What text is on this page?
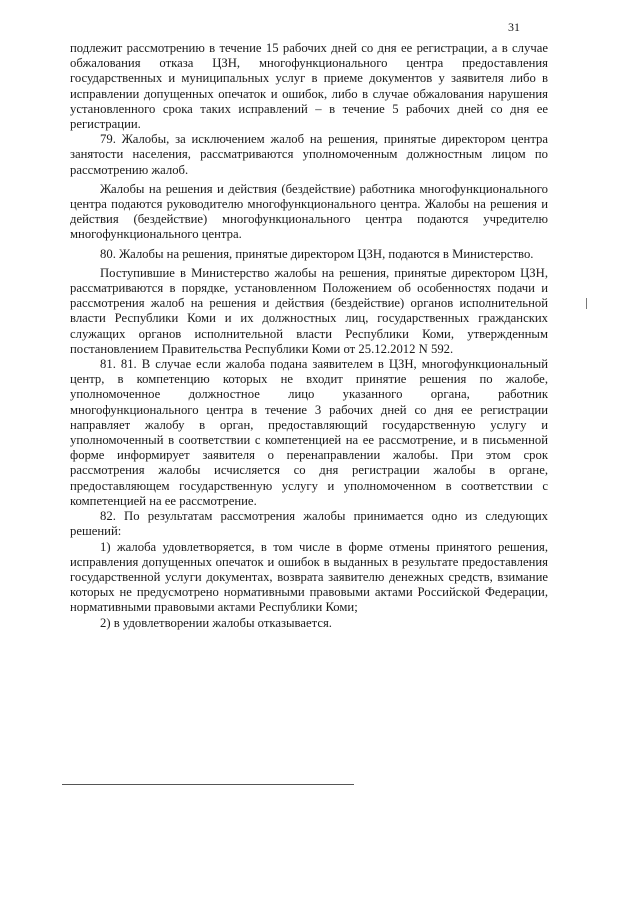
31

подлежит рассмотрению в течение 15 рабочих дней со дня ее регистрации, а в случае обжалования отказа ЦЗН, многофункционального центра предоставления государственных и муниципальных услуг в приеме документов у заявителя либо в исправлении допущенных опечаток и ошибок, либо в случае обжалования нарушения установленного срока таких исправлений – в течение 5 рабочих дней со дня ее регистрации.

79. Жалобы, за исключением жалоб на решения, принятые директором центра занятости населения, рассматриваются уполномоченным должностным лицом по рассмотрению жалоб.

Жалобы на решения и действия (бездействие) работника многофункционального центра подаются руководителю многофункционального центра. Жалобы на решения и действия (бездействие) многофункционального центра подаются учредителю многофункционального центра.

80. Жалобы на решения, принятые директором ЦЗН, подаются в Министерство.

Поступившие в Министерство жалобы на решения, принятые директором ЦЗН, рассматриваются в порядке, установленном Положением об особенностях подачи и рассмотрения жалоб на решения и действия (бездействие) органов исполнительной власти Республики Коми и их должностных лиц, государственных гражданских служащих органов исполнительной власти Республики Коми, утвержденным постановлением Правительства Республики Коми от 25.12.2012 N 592.

81. 81. В случае если жалоба подана заявителем в ЦЗН, многофункциональный центр, в компетенцию которых не входит принятие решения по жалобе, уполномоченное должностное лицо указанного органа, работник многофункционального центра в течение 3 рабочих дней со дня ее регистрации направляет жалобу в орган, предоставляющий государственную услугу и уполномоченный в соответствии с компетенцией на ее рассмотрение, и в письменной форме информирует заявителя о перенаправлении жалобы. При этом срок рассмотрения жалобы исчисляется со дня регистрации жалобы в органе, предоставляющем государственную услугу и уполномоченном в соответствии с компетенцией на ее рассмотрение.

82. По результатам рассмотрения жалобы принимается одно из следующих решений:

1) жалоба удовлетворяется, в том числе в форме отмены принятого решения, исправления допущенных опечаток и ошибок в выданных в результате предоставления государственной услуги документах, возврата заявителю денежных средств, взимание которых не предусмотрено нормативными правовыми актами Российской Федерации, нормативными правовыми актами Республики Коми;

2) в удовлетворении жалобы отказывается.
